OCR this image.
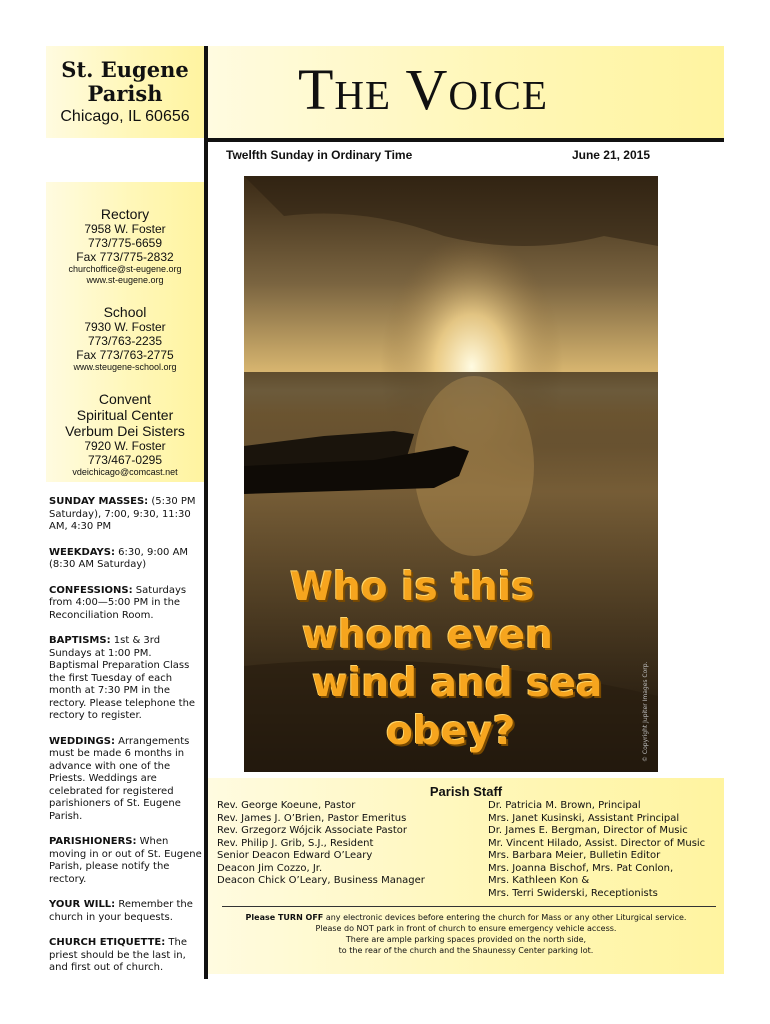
St. Eugene
Parish
Chicago, IL 60656 The Voice
Twelfth Sunday in Ordinary Time	June 21, 2015
Rectory
7958 W. Foster
773/775-6659
Fax 773/775-2832
churchoffice@st-eugene.org
www.st-eugene.org
School
7930 W. Foster
773/763-2235
Fax 773/763-2775
www.steugene-school.org
Convent
Spiritual Center
Verbum Dei Sisters
7920 W. Foster
773/467-0295
vdeichicago@comcast.net

SUNDAY MASSES: (5:30 PM Saturday), 7:00, 9:30, 11:30 AM, 4:30 PM

WEEKDAYS: 6:30, 9:00 AM (8:30 AM Saturday)

CONFESSIONS: Saturdays from 4:00—5:00 PM in the Reconciliation Room.

BAPTISMS: 1st & 3rd Sundays at 1:00 PM. Baptismal Preparation Class the first Tuesday of each month at 7:30 PM in the rectory. Please telephone the rectory to register.

WEDDINGS: Arrangements must be made 6 months in advance with one of the Priests. Weddings are celebrated for registered parishioners of St. Eugene Parish.

PARISHIONERS: When moving in or out of St. Eugene Parish, please notify the rectory.

YOUR WILL: Remember the church in your bequests.

CHURCH ETIQUETTE: The priest should be the last in, and first out of church.

© Copyright Jupiter Images Corp.
Who is this
whom even
wind and sea
obey?
Parish Staff
Rev. George Koeune, Pastor
Rev. James J. O’Brien, Pastor Emeritus
Rev. Grzegorz Wójcik Associate Pastor
Rev. Philip J. Grib, S.J., Resident
Senior Deacon Edward O’Leary
Deacon Jim Cozzo, Jr.
Deacon Chick O’Leary, Business Manager
Dr. Patricia M. Brown, Principal
Mrs. Janet Kusinski, Assistant Principal
Dr. James E. Bergman, Director of Music
Mr. Vincent Hilado, Assist. Director of Music
Mrs. Barbara Meier, Bulletin Editor
Mrs. Joanna Bischof, Mrs. Pat Conlon,
Mrs. Kathleen Kon &
Mrs. Terri Swiderski, Receptionists
Please TURN OFF any electronic devices before entering the church for Mass or any other Liturgical service.
Please do NOT park in front of church to ensure emergency vehicle access.
There are ample parking spaces provided on the north side,
to the rear of the church and the Shaunessy Center parking lot.
